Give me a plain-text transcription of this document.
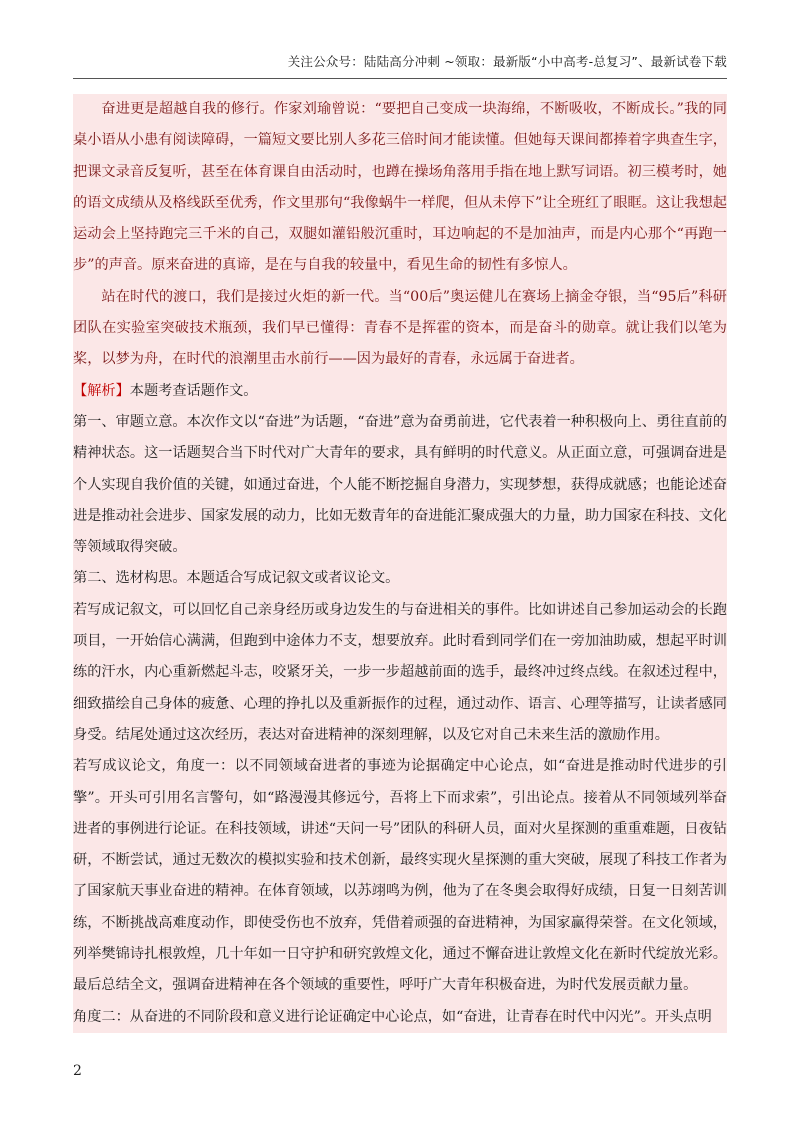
关注公众号：陆陆高分冲刺 ~领取：最新版“小中高考-总复习”、最新试卷下载

奋进更是超越自我的修行。作家刘瑜曾说：“要把自己变成一块海绵，不断吸收，不断成长。”我的同桌小语从小患有阅读障碍，一篇短文要比别人多花三倍时间才能读懂。但她每天课间都捧着字典查生字，把课文录音反复听，甚至在体育课自由活动时，也蹲在操场角落用手指在地上默写词语。初三模考时，她的语文成绩从及格线跃至优秀，作文里那句“我像蜗牛一样爬，但从未停下”让全班红了眼眶。这让我想起运动会上坚持跑完三千米的自己，双腿如灌铅般沉重时，耳边响起的不是加油声，而是内心那个“再跑一步”的声音。原来奋进的真谛，是在与自我的较量中，看见生命的韧性有多惊人。

站在时代的渡口，我们是接过火炬的新一代。当“00后”奥运健儿在赛场上摘金夺银，当“95后”科研团队在实验室突破技术瓶颈，我们早已懂得：青春不是挥霍的资本，而是奋斗的勋章。就让我们以笔为桨，以梦为舟，在时代的浪潮里击水前行——因为最好的青春，永远属于奋进者。

【解析】本题考查话题作文。

第一、审题立意。本次作文以“奋进”为话题，“奋进”意为奋勇前进，它代表着一种积极向上、勇往直前的精神状态。这一话题契合当下时代对广大青年的要求，具有鲜明的时代意义。从正面立意，可强调奋进是个人实现自我价值的关键，如通过奋进，个人能不断挖掘自身潜力，实现梦想，获得成就感；也能论述奋进是推动社会进步、国家发展的动力，比如无数青年的奋进能汇聚成强大的力量，助力国家在科技、文化等领域取得突破。

第二、选材构思。本题适合写成记叙文或者议论文。

若写成记叙文，可以回忆自己亲身经历或身边发生的与奋进相关的事件。比如讲述自己参加运动会的长跑项目，一开始信心满满，但跑到中途体力不支，想要放弃。此时看到同学们在一旁加油助威，想起平时训练的汗水，内心重新燃起斗志，咬紧牙关，一步一步超越前面的选手，最终冲过终点线。在叙述过程中，细致描绘自己身体的疲惫、心理的挣扎以及重新振作的过程，通过动作、语言、心理等描写，让读者感同身受。结尾处通过这次经历，表达对奋进精神的深刻理解，以及它对自己未来生活的激励作用。

若写成议论文，角度一：以不同领域奋进者的事迹为论据确定中心论点，如“奋进是推动时代进步的引擎”。开头可引用名言警句，如“路漫漫其修远兮，吾将上下而求索”，引出论点。接着从不同领域列举奋进者的事例进行论证。在科技领域，讲述“天问一号”团队的科研人员，面对火星探测的重重难题，日夜钻研，不断尝试，通过无数次的模拟实验和技术创新，最终实现火星探测的重大突破，展现了科技工作者为了国家航天事业奋进的精神。在体育领域，以苏翊鸣为例，他为了在冬奥会取得好成绩，日复一日刻苦训练，不断挑战高难度动作，即使受伤也不放弃，凭借着顽强的奋进精神，为国家赢得荣誉。在文化领域，列举樊锦诗扎根敦煌，几十年如一日守护和研究敦煌文化，通过不懈奋进让敦煌文化在新时代绽放光彩。最后总结全文，强调奋进精神在各个领域的重要性，呼吁广大青年积极奋进，为时代发展贡献力量。

角度二：从奋进的不同阶段和意义进行论证确定中心论点，如“奋进，让青春在时代中闪光”。开头点明

2
